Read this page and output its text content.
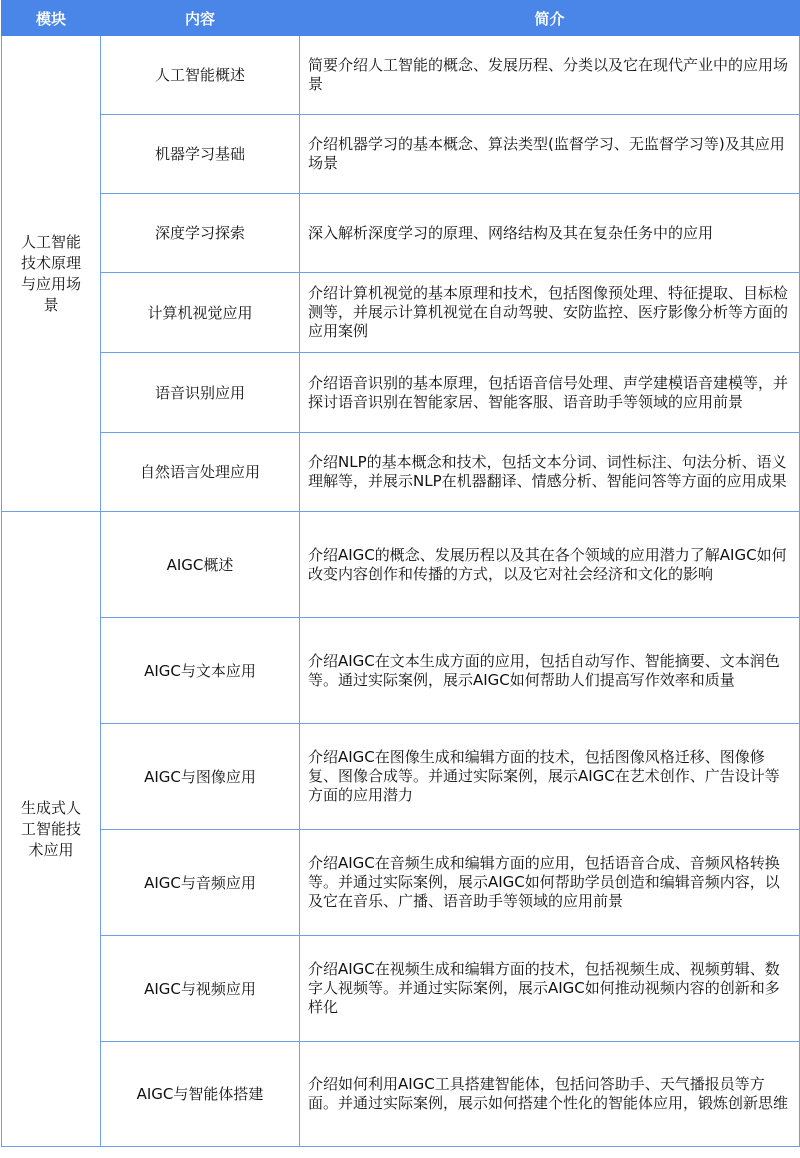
模块	内容	简介
人工智能技术原理与应用场景	人工智能概述	简要介绍人工智能的概念、发展历程、分类以及它在现代产业中的应用场景
	机器学习基础	介绍机器学习的基本概念、算法类型(监督学习、无监督学习等)及其应用场景
	深度学习探索	深入解析深度学习的原理、网络结构及其在复杂任务中的应用
	计算机视觉应用	介绍计算机视觉的基本原理和技术，包括图像预处理、特征提取、目标检测等，并展示计算机视觉在自动驾驶、安防监控、医疗影像分析等方面的应用案例
	语音识别应用	介绍语音识别的基本原理，包括语音信号处理、声学建模语音建模等，并探讨语音识别在智能家居、智能客服、语音助手等领域的应用前景
	自然语言处理应用	介绍NLP的基本概念和技术，包括文本分词、词性标注、句法分析、语义理解等，并展示NLP在机器翻译、情感分析、智能问答等方面的应用成果
生成式人工智能技术应用	AIGC概述	介绍AIGC的概念、发展历程以及其在各个领域的应用潜力了解AIGC如何改变内容创作和传播的方式，以及它对社会经济和文化的影响
	AIGC与文本应用	介绍AIGC在文本生成方面的应用，包括自动写作、智能摘要、文本润色等。通过实际案例，展示AIGC如何帮助人们提高写作效率和质量
	AIGC与图像应用	介绍AIGC在图像生成和编辑方面的技术，包括图像风格迁移、图像修复、图像合成等。并通过实际案例，展示AIGC在艺术创作、广告设计等方面的应用潜力
	AIGC与音频应用	介绍AIGC在音频生成和编辑方面的应用，包括语音合成、音频风格转换等。并通过实际案例，展示AIGC如何帮助学员创造和编辑音频内容，以及它在音乐、广播、语音助手等领域的应用前景
	AIGC与视频应用	介绍AIGC在视频生成和编辑方面的技术，包括视频生成、视频剪辑、数字人视频等。并通过实际案例，展示AIGC如何推动视频内容的创新和多样化
	AIGC与智能体搭建	介绍如何利用AIGC工具搭建智能体，包括问答助手、天气播报员等方面。并通过实际案例，展示如何搭建个性化的智能体应用，锻炼创新思维
